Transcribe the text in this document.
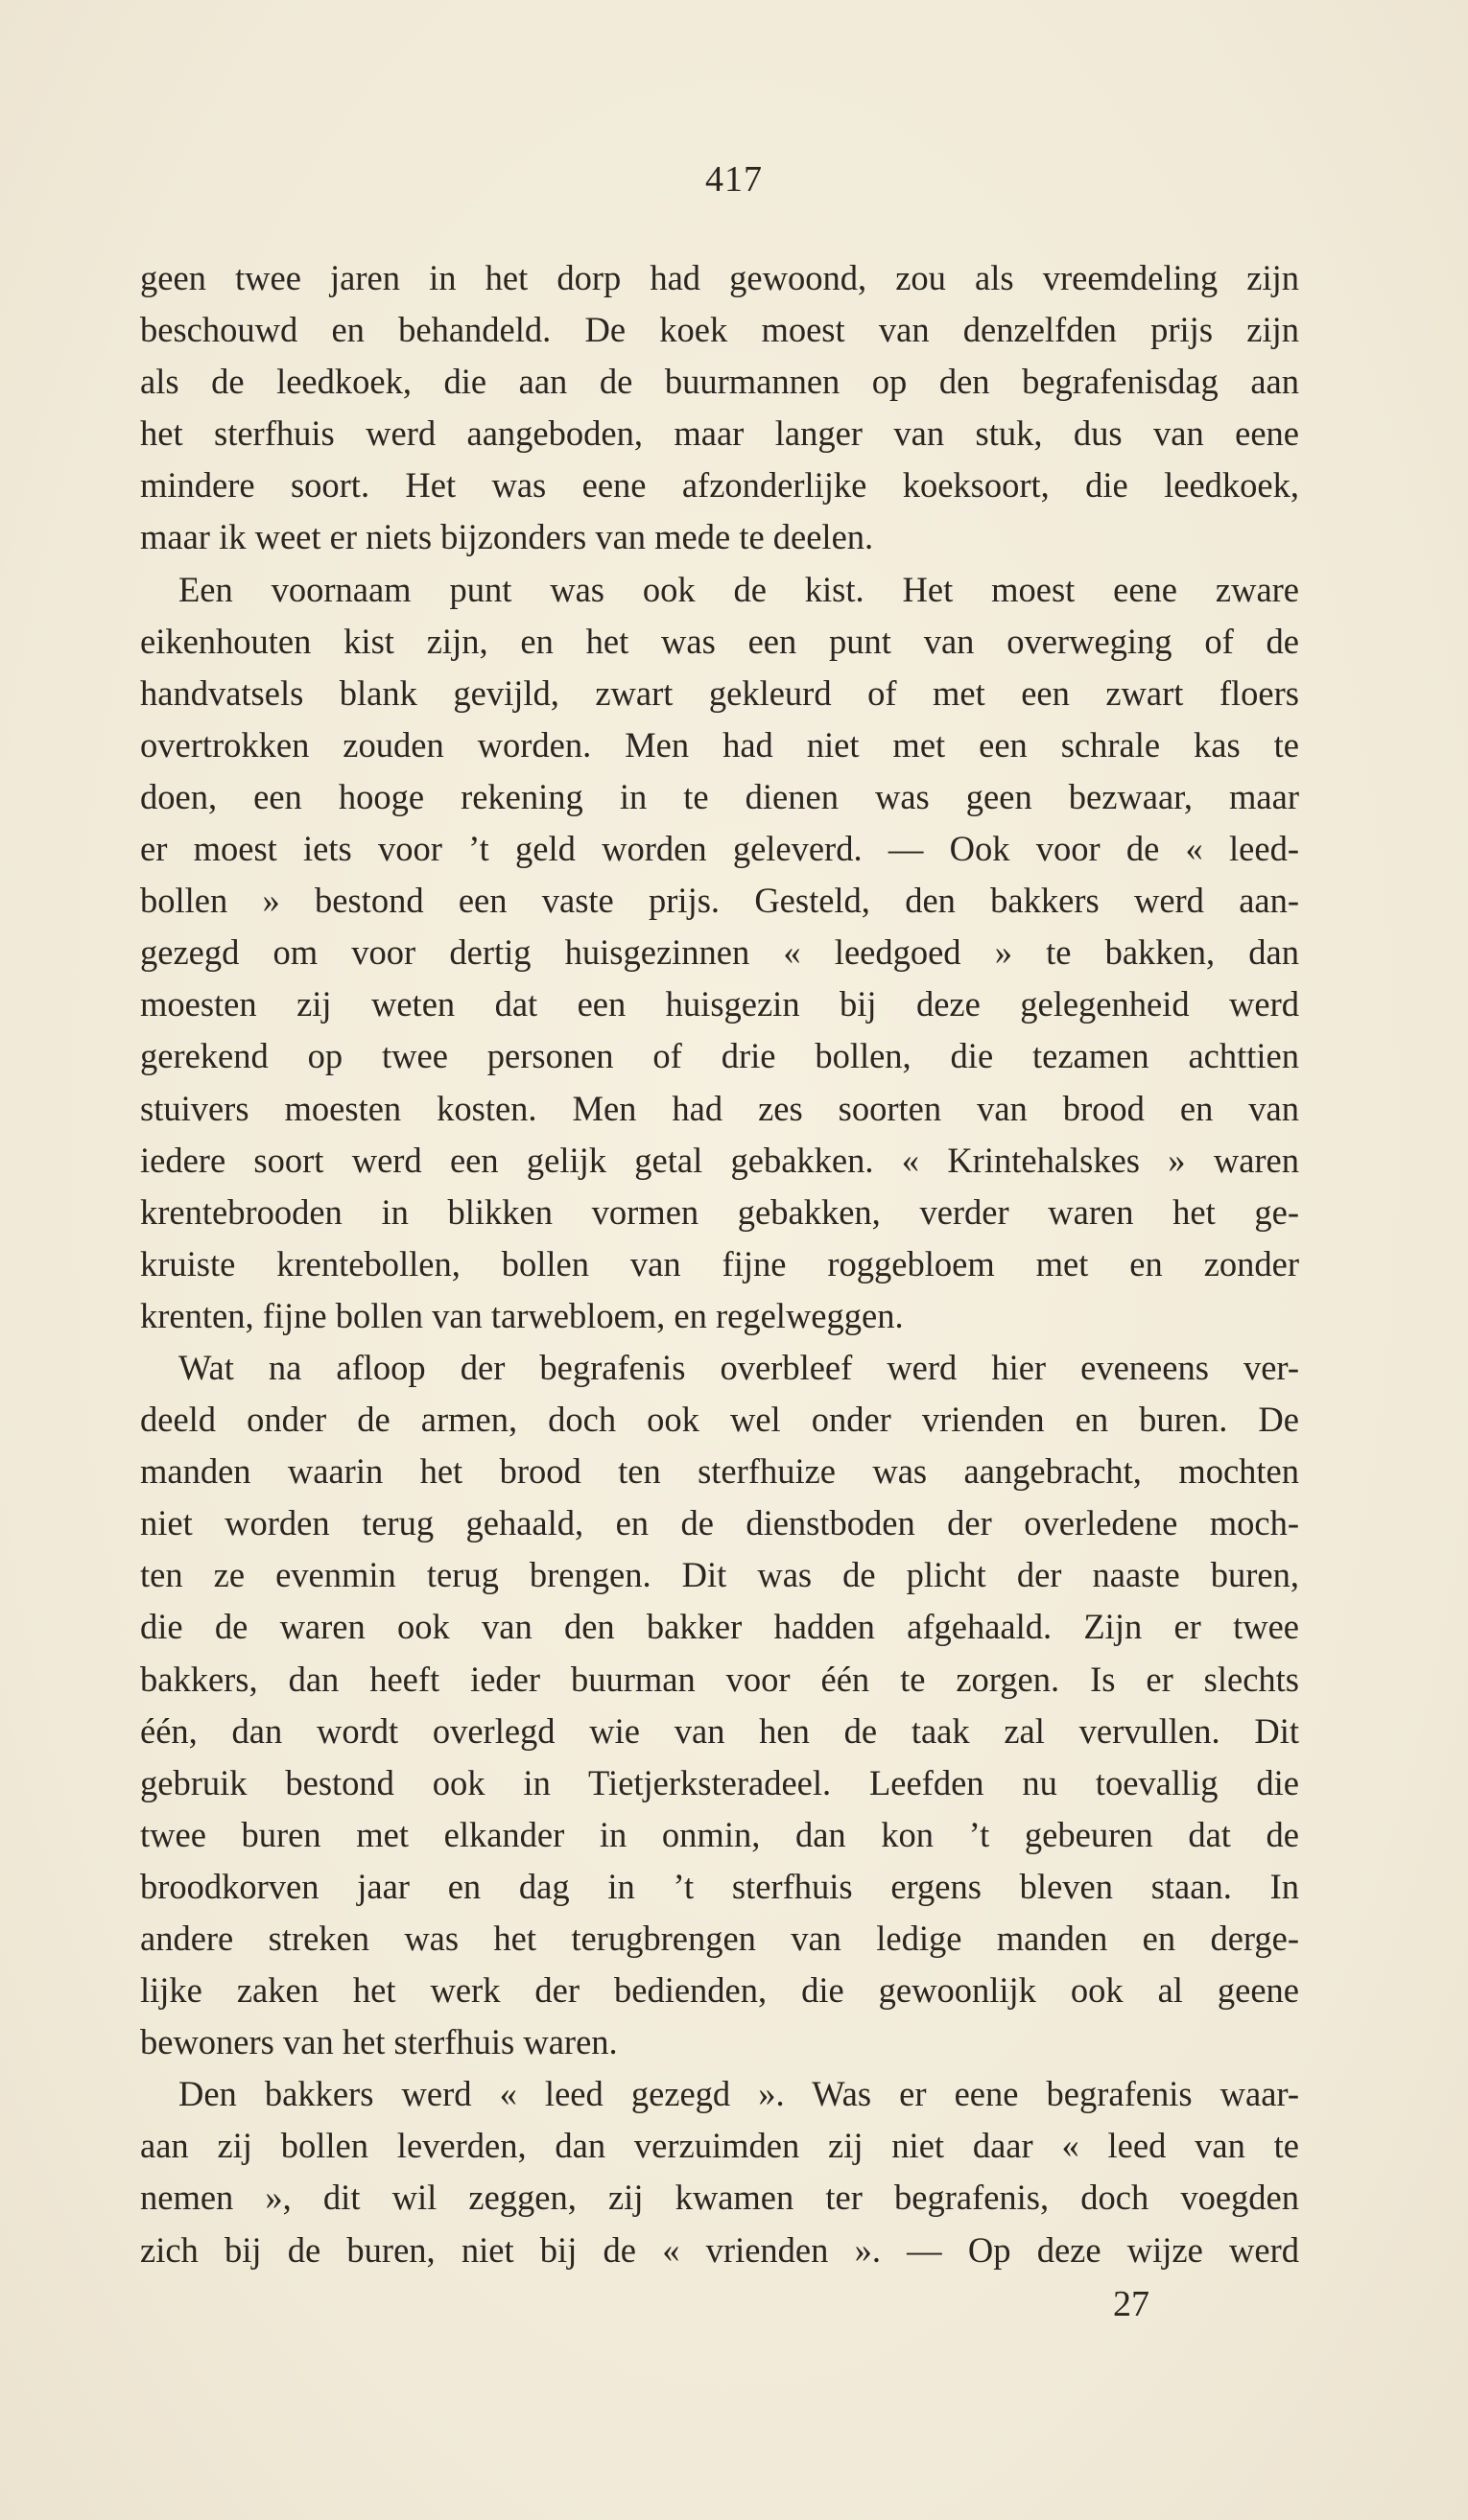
417
geen twee jaren in het dorp had gewoond, zou als vreemdeling zijn
beschouwd en behandeld. De koek moest van denzelfden prijs zijn
als de leedkoek, die aan de buurmannen op den begrafenisdag aan
het sterfhuis werd aangeboden, maar langer van stuk, dus van eene
mindere soort. Het was eene afzonderlijke koeksoort, die leedkoek,
maar ik weet er niets bijzonders van mede te deelen.
Een voornaam punt was ook de kist. Het moest eene zware
eikenhouten kist zijn, en het was een punt van overweging of de
handvatsels blank gevijld, zwart gekleurd of met een zwart floers
overtrokken zouden worden. Men had niet met een schrale kas te
doen, een hooge rekening in te dienen was geen bezwaar, maar
er moest iets voor ’t geld worden geleverd. — Ook voor de « leed-
bollen » bestond een vaste prijs. Gesteld, den bakkers werd aan-
gezegd om voor dertig huisgezinnen « leedgoed » te bakken, dan
moesten zij weten dat een huisgezin bij deze gelegenheid werd
gerekend op twee personen of drie bollen, die tezamen achttien
stuivers moesten kosten. Men had zes soorten van brood en van
iedere soort werd een gelijk getal gebakken. « Krintehalskes » waren
krentebrooden in blikken vormen gebakken, verder waren het ge-
kruiste krentebollen, bollen van fijne roggebloem met en zonder
krenten, fijne bollen van tarwebloem, en regelweggen.
Wat na afloop der begrafenis overbleef werd hier eveneens ver-
deeld onder de armen, doch ook wel onder vrienden en buren. De
manden waarin het brood ten sterfhuize was aangebracht, mochten
niet worden terug gehaald, en de dienstboden der overledene moch-
ten ze evenmin terug brengen. Dit was de plicht der naaste buren,
die de waren ook van den bakker hadden afgehaald. Zijn er twee
bakkers, dan heeft ieder buurman voor één te zorgen. Is er slechts
één, dan wordt overlegd wie van hen de taak zal vervullen. Dit
gebruik bestond ook in Tietjerksteradeel. Leefden nu toevallig die
twee buren met elkander in onmin, dan kon ’t gebeuren dat de
broodkorven jaar en dag in ’t sterfhuis ergens bleven staan. In
andere streken was het terugbrengen van ledige manden en derge-
lijke zaken het werk der bedienden, die gewoonlijk ook al geene
bewoners van het sterfhuis waren.
Den bakkers werd « leed gezegd ». Was er eene begrafenis waar-
aan zij bollen leverden, dan verzuimden zij niet daar « leed van te
nemen », dit wil zeggen, zij kwamen ter begrafenis, doch voegden
zich bij de buren, niet bij de « vrienden ». — Op deze wijze werd
27
